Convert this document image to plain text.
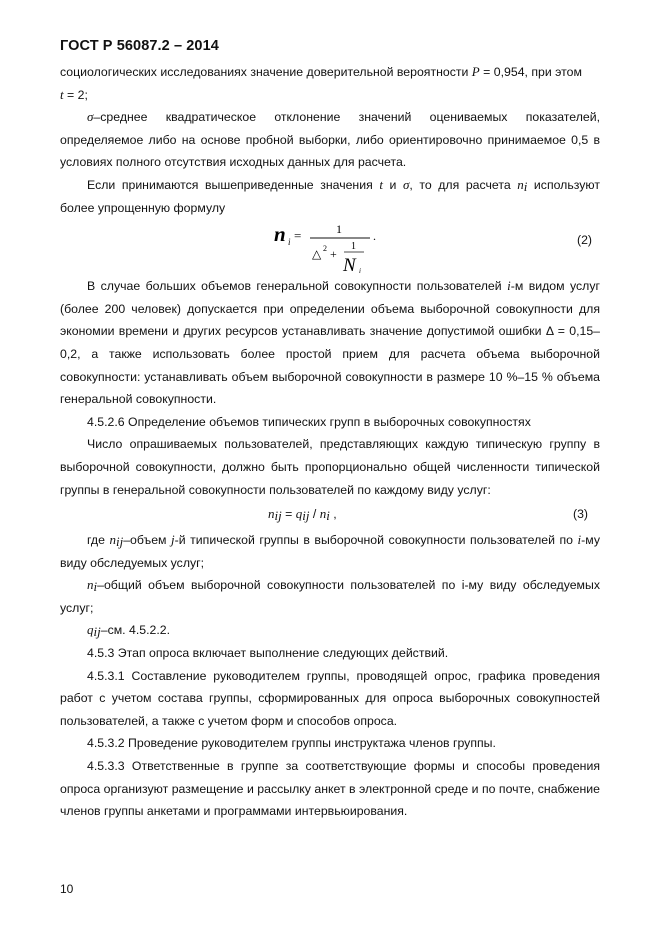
ГОСТ Р 56087.2 – 2014

социологических исследованиях значение доверительной вероятности P = 0,954, при этом
t = 2;

σ–среднее квадратическое отклонение значений оцениваемых показателей, определяемое либо на основе пробной выборки, либо ориентировочно принимаемое 0,5 в условиях полного отсутствия исходных данных для расчета.

Если принимаются вышеприведенные значения t и σ, то для расчета $n_i$ используют более упрощенную формулу

n i =	1
△ 2 +
1
N i
.	(2)

В случае больших объемов генеральной совокупности пользователей i-м видом услуг (более 200 человек) допускается при определении объема выборочной совокупности для экономии времени и других ресурсов устанавливать значение допустимой ошибки Δ = 0,15–0,2, а также использовать более простой прием для расчета объема выборочной совокупности: устанавливать объем выборочной совокупности в размере 10 %–15 % объема генеральной совокупности.

4.5.2.6 Определение объемов типических групп в выборочных совокупностях

Число опрашиваемых пользователей, представляющих каждую типическую группу в выборочной совокупности, должно быть пропорционально общей численности типической группы в генеральной совокупности пользователей по каждому виду услуг:

$n_{ij} = q_{ij} / n_i$ ,	(3)

где $n_{ij}$–объем j-й типической группы в выборочной совокупности пользователей по i-му виду обследуемых услуг;

$n_i$–общий объем выборочной совокупности пользователей по i-му виду обследуемых услуг;

$q_{ij}-см$. 4.5.2.2.

4.5.3 Этап опроса включает выполнение следующих действий.

4.5.3.1 Составление руководителем группы, проводящей опрос, графика проведения работ с учетом состава группы, сформированных для опроса выборочных совокупностей пользователей, а также с учетом форм и способов опроса.

4.5.3.2 Проведение руководителем группы инструктажа членов группы.

4.5.3.3 Ответственные в группе за соответствующие формы и способы проведения опроса организуют размещение и рассылку анкет в электронной среде и по почте, снабжение членов группы анкетами и программами интервьюирования.

10
